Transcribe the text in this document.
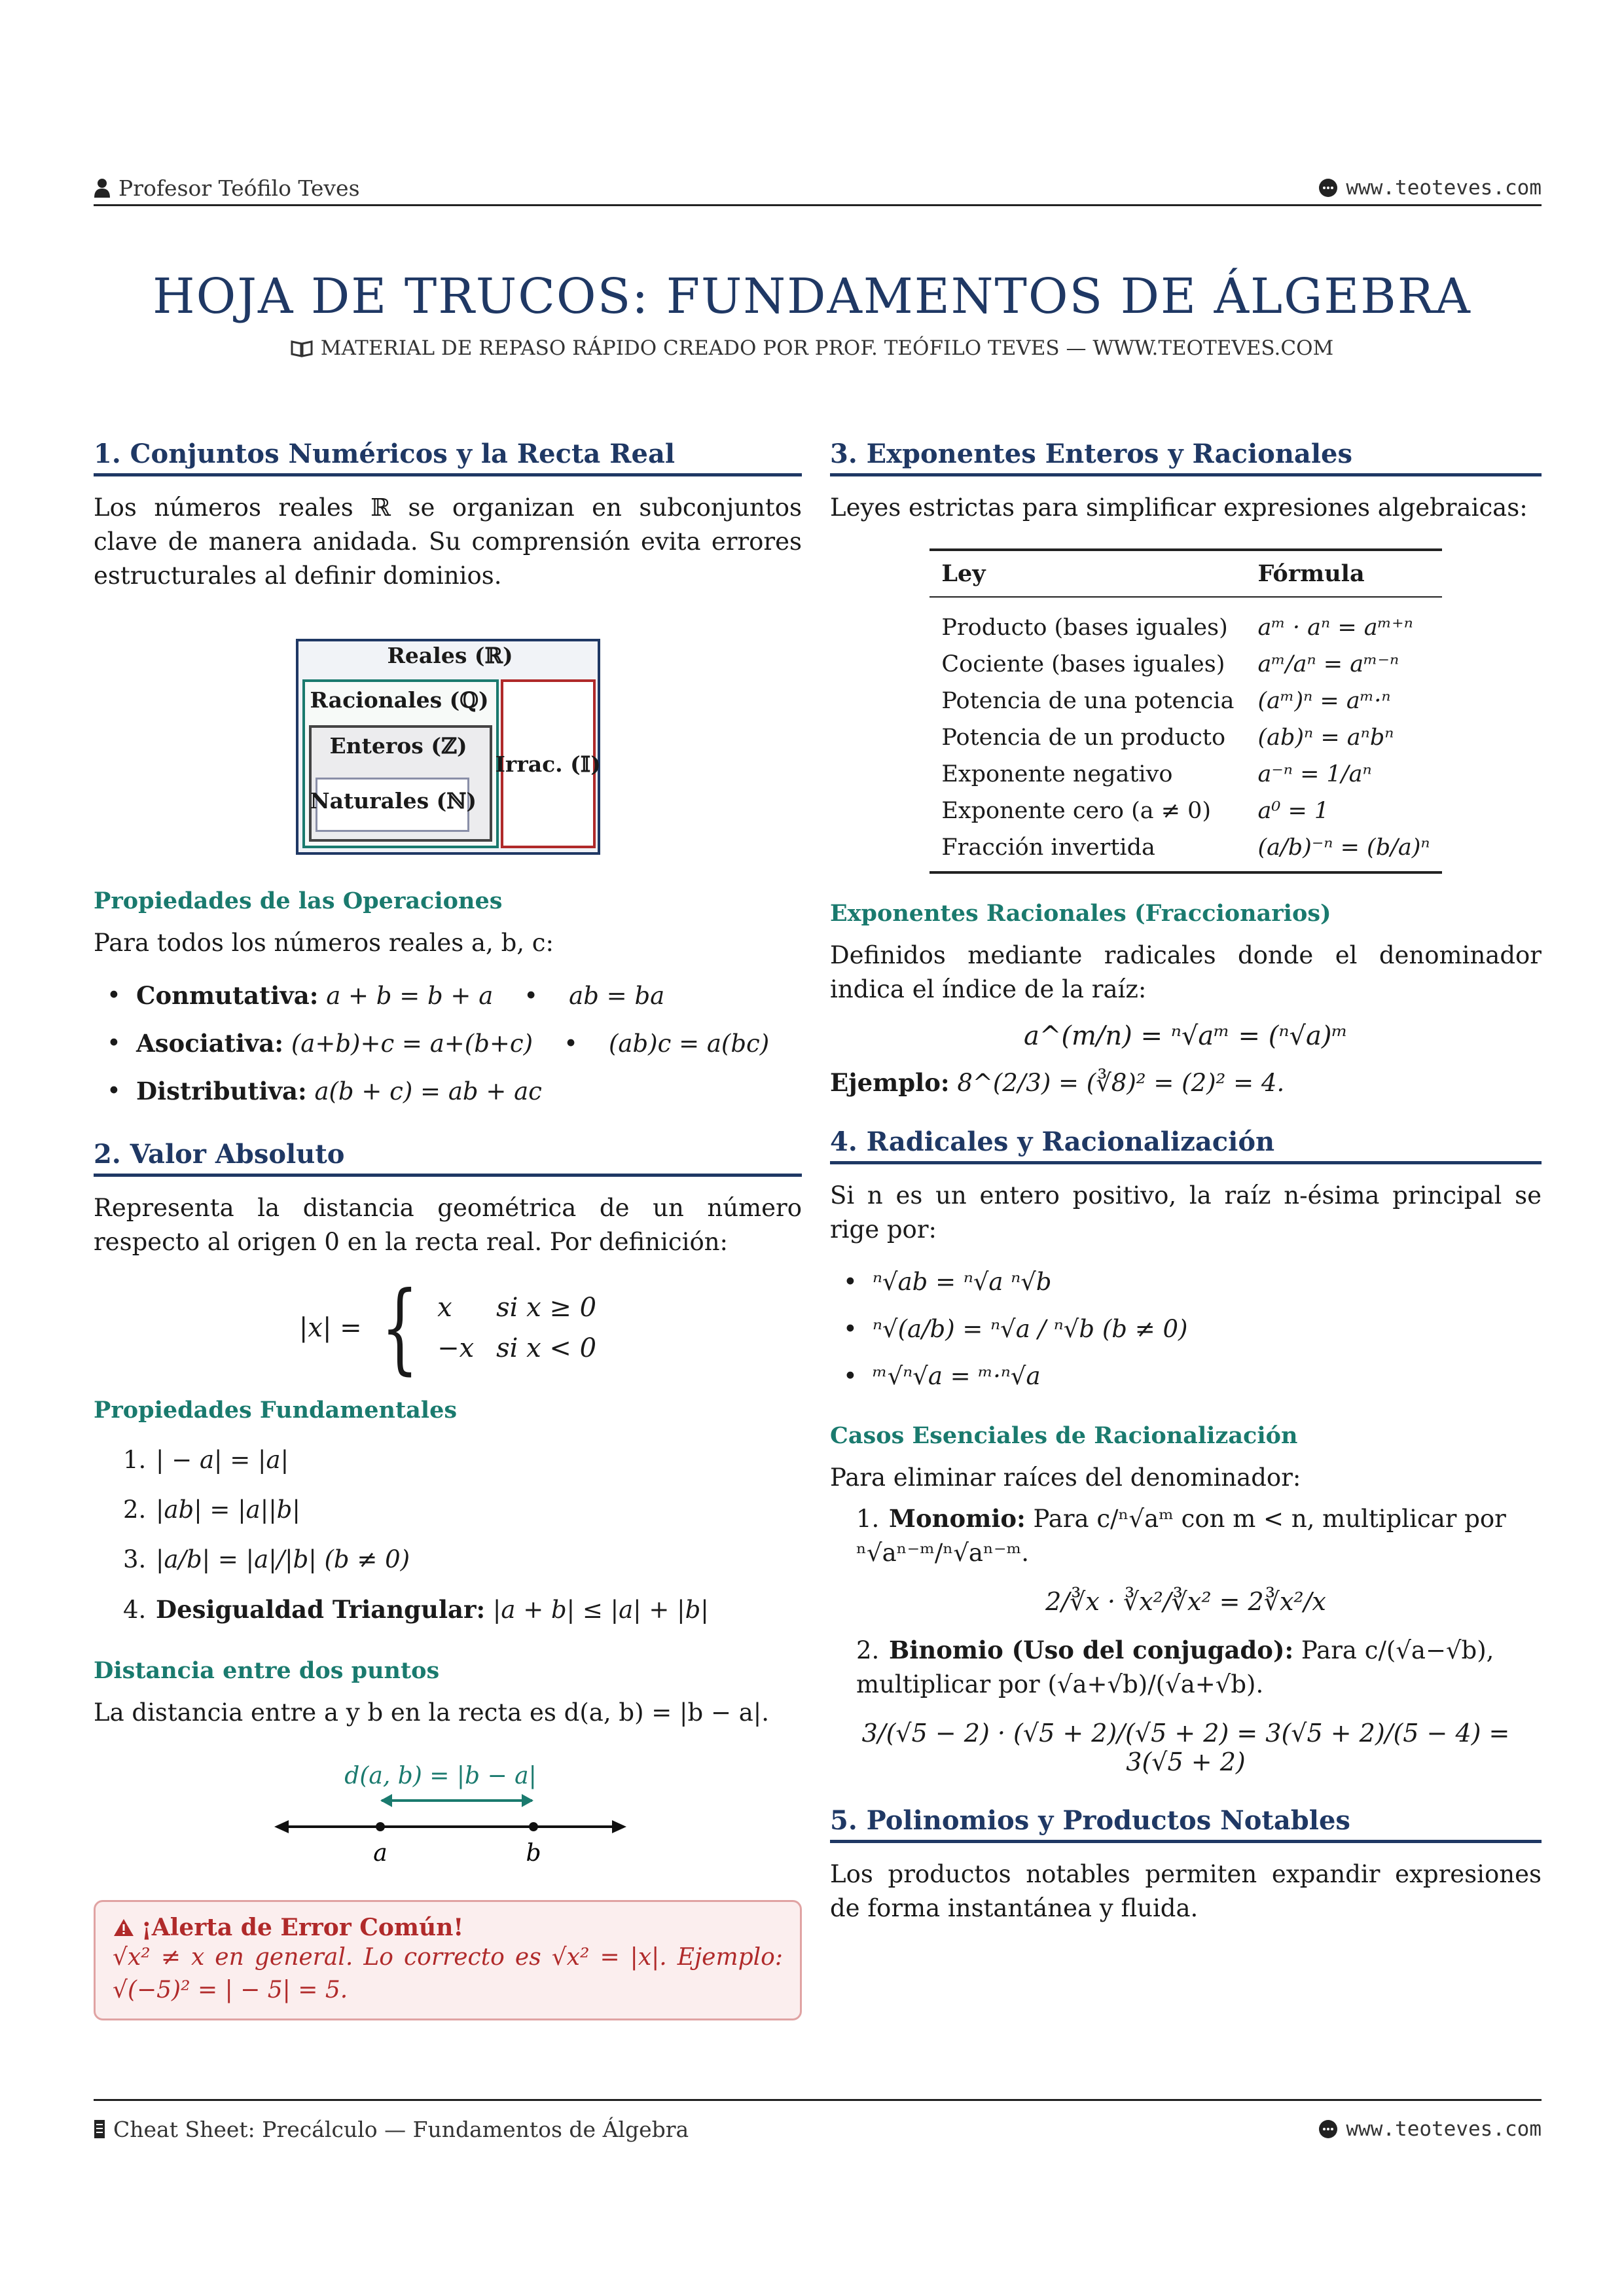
Profesor Teófilo Teves	www.teoteves.com
HOJA DE TRUCOS: FUNDAMENTOS DE ÁLGEBRA
MATERIAL DE REPASO RÁPIDO CREADO POR PROF. TEÓFILO TEVES — WWW.TEOTEVES.COM
1. Conjuntos Numéricos y la Recta Real

Los números reales ℝ se organizan en subconjuntos clave de manera anidada. Su comprensión evita errores estructurales al definir dominios.

Reales (ℝ)
Racionales (ℚ)
Enteros (ℤ)
Naturales (ℕ)
Irrac. (𝕀)
Propiedades de las Operaciones

Para todos los números reales a, b, c:

• Conmutativa: a + b = b + a    •    ab = ba
• Asociativa: (a+b)+c = a+(b+c)    •    (ab)c = a(bc)
• Distributiva: a(b + c) = ab + ac
2. Valor Absoluto

Representa la distancia geométrica de un número respecto al origen 0 en la recta real. Por definición:

|x| = { x si x ≥ 0
−x si x < 0
Propiedades Fundamentales
1. | − a| = |a|
2. |ab| = |a||b|
3. |a/b| = |a|/|b| (b ≠ 0)
4. Desigualdad Triangular: |a + b| ≤ |a| + |b|
Distancia entre dos puntos

La distancia entre a y b en la recta es d(a, b) = |b − a|.

d(a, b) = |b − a|
a	b
¡Alerta de Error Común!
√x² ≠ x en general. Lo correcto es √x² = |x|. Ejemplo: √(−5)² = | − 5| = 5.
3. Exponentes Enteros y Racionales

Leyes estrictas para simplificar expresiones algebraicas:

Ley	Fórmula
Producto (bases iguales)	aᵐ · aⁿ = aᵐ⁺ⁿ
Cociente (bases iguales)	aᵐ/aⁿ = aᵐ⁻ⁿ
Potencia de una potencia	(aᵐ)ⁿ = aᵐ·ⁿ
Potencia de un producto	(ab)ⁿ = aⁿbⁿ
Exponente negativo	a⁻ⁿ = 1/aⁿ
Exponente cero (a ≠ 0)	a⁰ = 1
Fracción invertida	(a/b)⁻ⁿ = (b/a)ⁿ
Exponentes Racionales (Fraccionarios)

Definidos mediante radicales donde el denominador indica el índice de la raíz:

a^(m/n) = ⁿ√aᵐ = (ⁿ√a)ᵐ

Ejemplo: 8^(2/3) = (∛8)² = (2)² = 4.

4. Radicales y Racionalización

Si n es un entero positivo, la raíz n-ésima principal se rige por:

• ⁿ√ab = ⁿ√a ⁿ√b
• ⁿ√(a/b) = ⁿ√a / ⁿ√b (b ≠ 0)
• ᵐ√ⁿ√a = ᵐ·ⁿ√a
Casos Esenciales de Racionalización

Para eliminar raíces del denominador:

1. Monomio: Para c/ⁿ√aᵐ con m < n, multiplicar por ⁿ√aⁿ⁻ᵐ/ⁿ√aⁿ⁻ᵐ.
2/∛x · ∛x²/∛x² = 2∛x²/x
2. Binomio (Uso del conjugado): Para c/(√a−√b), multiplicar por (√a+√b)/(√a+√b).
3/(√5 − 2) · (√5 + 2)/(√5 + 2) = 3(√5 + 2)/(5 − 4) = 3(√5 + 2)
5. Polinomios y Productos Notables

Los productos notables permiten expandir expresiones de forma instantánea y fluida.

Cheat Sheet: Precálculo — Fundamentos de Álgebra	www.teoteves.com
